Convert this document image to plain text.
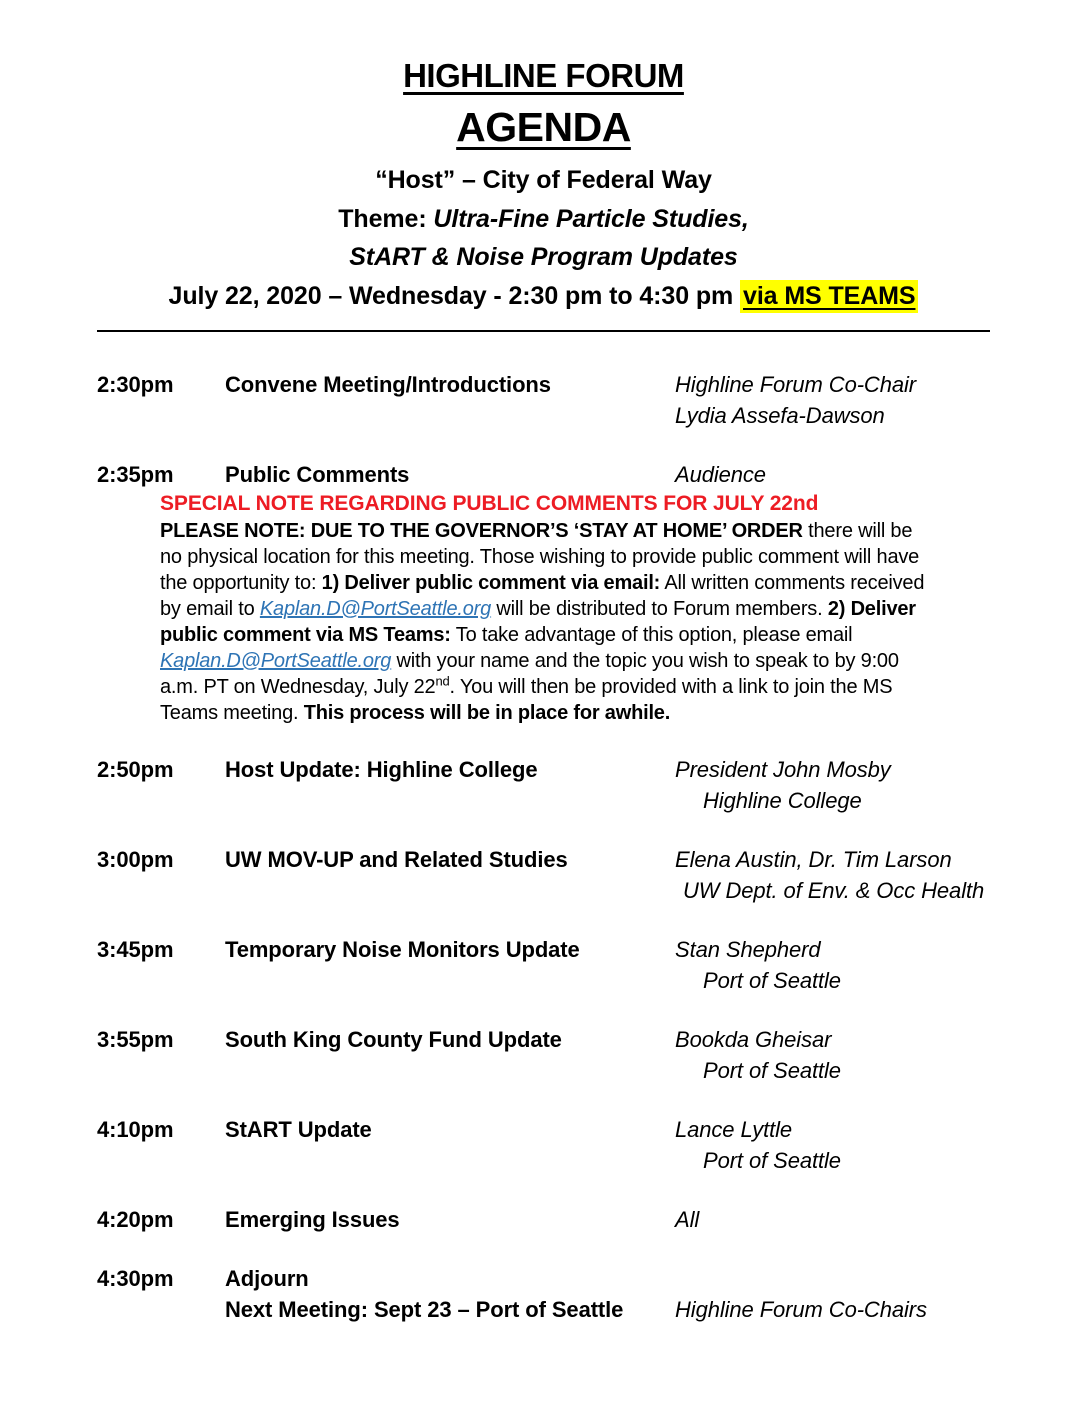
HIGHLINE FORUM
AGENDA
“Host” – City of Federal Way
Theme: Ultra-Fine Particle Studies,
StART & Noise Program Updates
July 22, 2020 – Wednesday - 2:30 pm to 4:30 pm via MS TEAMS
2:30pm	Convene Meeting/Introductions	Highline Forum Co-Chair
Lydia Assefa-Dawson
2:35pm	Public Comments	Audience
SPECIAL NOTE REGARDING PUBLIC COMMENTS FOR JULY 22nd
PLEASE NOTE: DUE TO THE GOVERNOR’S ‘STAY AT HOME’ ORDER there will be no physical location for this meeting. Those wishing to provide public comment will have the opportunity to: 1) Deliver public comment via email: All written comments received by email to Kaplan.D@PortSeattle.org will be distributed to Forum members. 2) Deliver public comment via MS Teams: To take advantage of this option, please email Kaplan.D@PortSeattle.org with your name and the topic you wish to speak to by 9:00 a.m. PT on Wednesday, July 22nd. You will then be provided with a link to join the MS Teams meeting. This process will be in place for awhile.
2:50pm	Host Update: Highline College	President John Mosby
Highline College
3:00pm	UW MOV-UP and Related Studies	Elena Austin, Dr. Tim Larson
UW Dept. of Env. & Occ Health
3:45pm	Temporary Noise Monitors Update	Stan Shepherd
Port of Seattle
3:55pm	South King County Fund Update	Bookda Gheisar
Port of Seattle
4:10pm	StART Update	Lance Lyttle
Port of Seattle
4:20pm	Emerging Issues	All
4:30pm	Adjourn
Next Meeting: Sept 23 – Port of Seattle	Highline Forum Co-Chairs
